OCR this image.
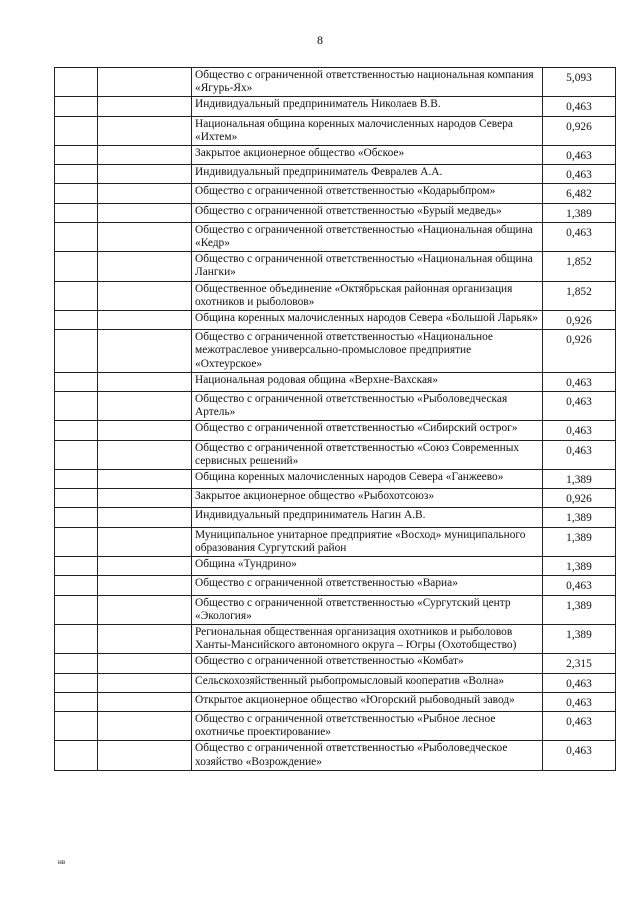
8
		Общество с ограниченной ответственностью национальная компания «Ягурь-Ях»	5,093
		Индивидуальный предприниматель Николаев В.В.	0,463
		Национальная община коренных малочисленных народов Севера «Ихтем»	0,926
		Закрытое акционерное общество «Обское»	0,463
		Индивидуальный предприниматель Февралев А.А.	0,463
		Общество с ограниченной ответственностью «Кодарыбпром»	6,482
		Общество с ограниченной ответственностью «Бурый медведь»	1,389
		Общество с ограниченной ответственностью «Национальная община «Кедр»	0,463
		Общество с ограниченной ответственностью «Национальная община Лангки»	1,852
		Общественное объединение «Октябрьская районная организация охотников и рыболовов»	1,852
		Община коренных малочисленных народов Севера «Большой Ларьяк»	0,926
		Общество с ограниченной ответственностью «Национальное межотраслевое универсально-промысловое предприятие «Охтеурское»	0,926
		Национальная родовая община «Верхне-Вахская»	0,463
		Общество с ограниченной ответственностью «Рыболоведческая Артель»	0,463
		Общество с ограниченной ответственностью «Сибирский острог»	0,463
		Общество с ограниченной ответственностью «Союз Современных сервисных решений»	0,463
		Община коренных малочисленных народов Севера «Ганжеево»	1,389
		Закрытое акционерное общество «Рыбохотсоюз»	0,926
		Индивидуальный предприниматель Нагин А.В.	1,389
		Муниципальное унитарное предприятие «Восход» муниципального образования Сургутский район	1,389
		Община «Тундрино»	1,389
		Общество с ограниченной ответственностью «Вариа»	0,463
		Общество с ограниченной ответственностью «Сургутский центр «Экология»	1,389
		Региональная общественная организация охотников и рыболовов Ханты-Мансийского автономного округа – Югры (Охотобщество)	1,389
		Общество с ограниченной ответственностью «Комбат»	2,315
		Сельскохозяйственный рыбопромысловый кооператив «Волна»	0,463
		Открытое акционерное общество «Югорский рыбоводный завод»	0,463
		Общество с ограниченной ответственностью «Рыбное лесное охотничье проектирование»	0,463
		Общество с ограниченной ответственностью «Рыболоведческое хозяйство «Возрождение»	0,463
нв
